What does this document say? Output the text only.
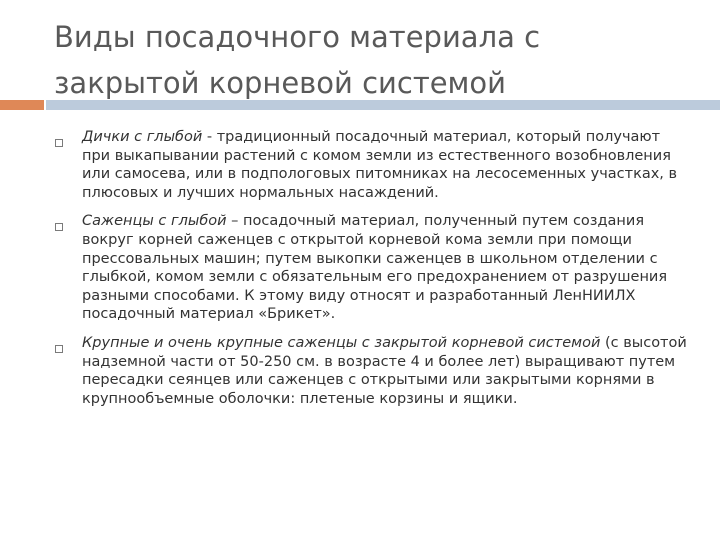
Виды посадочного материала с закрытой корневой системой
Дички с глыбой - традиционный посадочный материал, который получают при выкапывании растений с комом земли из естественного возобновления или самосева, или в подпологовых питомниках на лесосеменных участках, в плюсовых и лучших нормальных насаждений.
Саженцы с глыбой – посадочный материал, полученный путем создания вокруг корней саженцев с открытой корневой кома земли при помощи прессовальных машин; путем выкопки саженцев в школьном отделении с глыбкой, комом земли с обязательным его предохранением от разрушения разными способами. К этому виду относят и разработанный ЛенНИИЛХ посадочный материал «Брикет».
Крупные и очень крупные саженцы с закрытой корневой системой (с высотой надземной части от 50-250 см. в возрасте 4 и более лет) выращивают путем пересадки сеянцев или саженцев с открытыми или закрытыми корнями в крупнообъемные оболочки: плетеные корзины и ящики.
